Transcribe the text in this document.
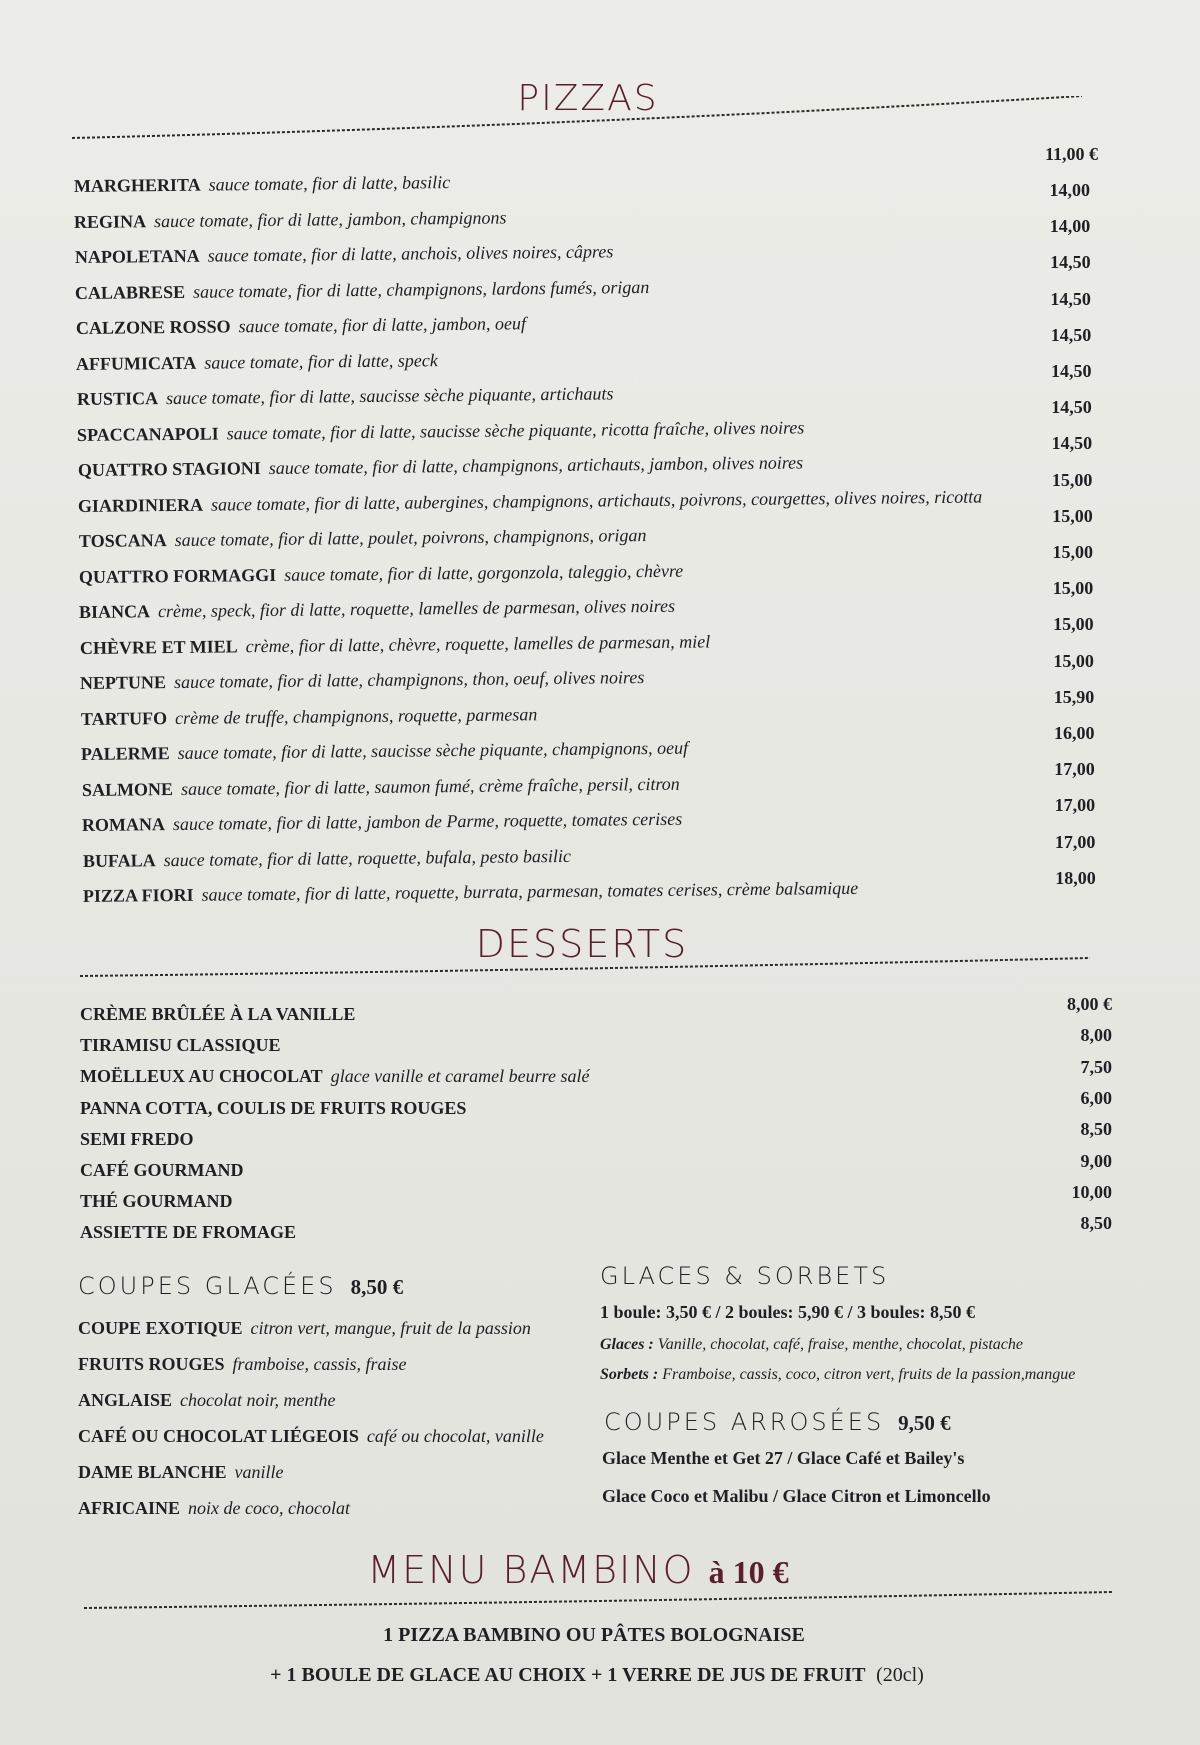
PIZZAS
11,00 €
MARGHERITA sauce tomate, fior di latte, basilic
REGINA sauce tomate, fior di latte, jambon, champignons
NAPOLETANA sauce tomate, fior di latte, anchois, olives noires, câpres
CALABRESE sauce tomate, fior di latte, champignons, lardons fumés, origan
CALZONE ROSSO sauce tomate, fior di latte, jambon, oeuf
AFFUMICATA sauce tomate, fior di latte, speck
RUSTICA sauce tomate, fior di latte, saucisse sèche piquante, artichauts
SPACCANAPOLI sauce tomate, fior di latte, saucisse sèche piquante, ricotta fraîche, olives noires
QUATTRO STAGIONI sauce tomate, fior di latte, champignons, artichauts, jambon, olives noires
GIARDINIERA sauce tomate, fior di latte, aubergines, champignons, artichauts, poivrons, courgettes, olives noires, ricotta
TOSCANA sauce tomate, fior di latte, poulet, poivrons, champignons, origan
QUATTRO FORMAGGI sauce tomate, fior di latte, gorgonzola, taleggio, chèvre
BIANCA crème, speck, fior di latte, roquette, lamelles de parmesan, olives noires
CHÈVRE ET MIEL crème, fior di latte, chèvre, roquette, lamelles de parmesan, miel
NEPTUNE sauce tomate, fior di latte, champignons, thon, oeuf, olives noires
TARTUFO crème de truffe, champignons, roquette, parmesan
PALERME sauce tomate, fior di latte, saucisse sèche piquante, champignons, oeuf
SALMONE sauce tomate, fior di latte, saumon fumé, crème fraîche, persil, citron
ROMANA sauce tomate, fior di latte, jambon de Parme, roquette, tomates cerises
BUFALA sauce tomate, fior di latte, roquette, bufala, pesto basilic
PIZZA FIORI sauce tomate, fior di latte, roquette, burrata, parmesan, tomates cerises, crème balsamique
DESSERTS
CRÈME BRÛLÉE À LA VANILLE
TIRAMISU CLASSIQUE
MOËLLEUX AU CHOCOLAT glace vanille et caramel beurre salé
PANNA COTTA, COULIS DE FRUITS ROUGES
SEMI FREDO
CAFÉ GOURMAND
THÉ GOURMAND
ASSIETTE DE FROMAGE
COUPES GLACÉES 8,50 €
COUPE EXOTIQUE citron vert, mangue, fruit de la passion
FRUITS ROUGES framboise, cassis, fraise
ANGLAISE chocolat noir, menthe
CAFÉ OU CHOCOLAT LIÉGEOIS café ou chocolat, vanille
DAME BLANCHE vanille
AFRICAINE noix de coco, chocolat
GLACES & SORBETS
1 boule: 3,50 € / 2 boules: 5,90 € / 3 boules: 8,50 €
Glaces : Vanille, chocolat, café, fraise, menthe, chocolat, pistache
Sorbets : Framboise, cassis, coco, citron vert, fruits de la passion,mangue
COUPES ARROSÉES 9,50 €
Glace Menthe et Get 27 / Glace Café et Bailey's
Glace Coco et Malibu / Glace Citron et Limoncello
MENU BAMBINO à 10 €
1 PIZZA BAMBINO OU PÂTES BOLOGNAISE
+ 1 BOULE DE GLACE AU CHOIX + 1 VERRE DE JUS DE FRUIT (20cl)
14,00
14,00
14,50
14,50
14,50
14,50
14,50
14,50
15,00
15,00
15,00
15,00
15,00
15,00
15,90
16,00
17,00
17,00
17,00
18,00
8,00 €
8,00
7,50
6,00
8,50
9,00
10,00
8,50
